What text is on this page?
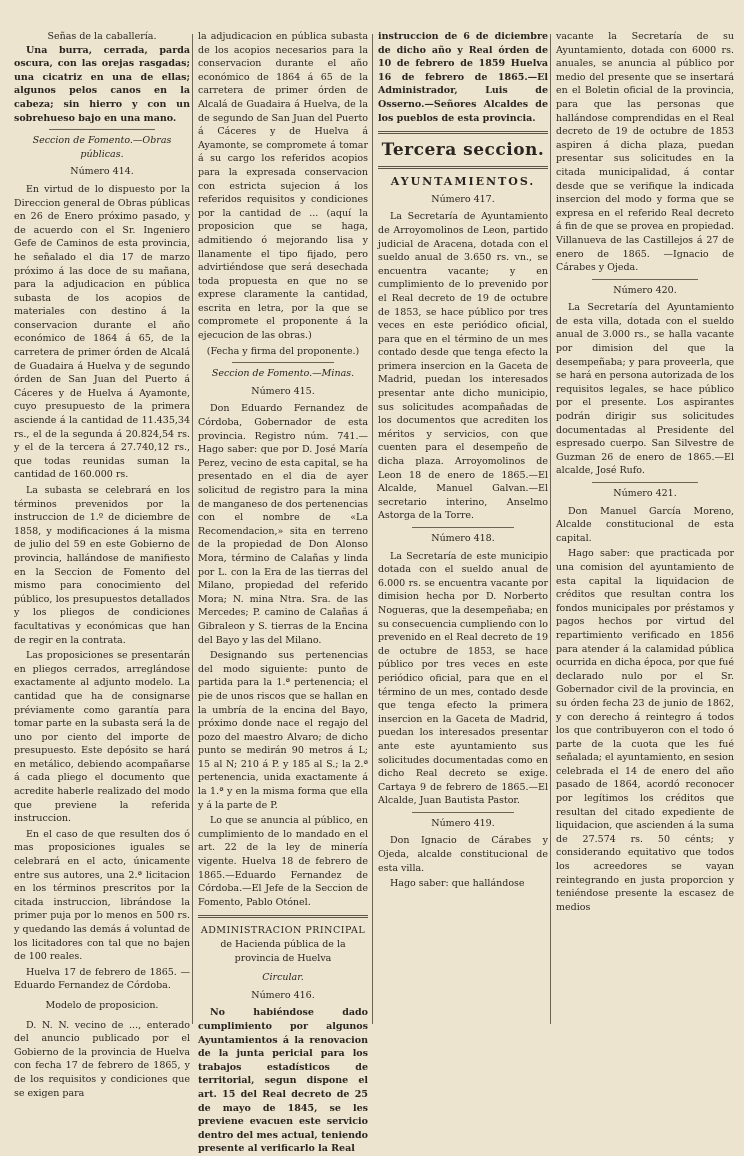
Señas de la caballería.

Una burra, cerrada, parda oscura, con las orejas rasgadas; una cicatriz en una de ellas; algunos pelos canos en la cabeza; sin hierro y con un sobrehueso bajo en una mano.

Seccion de Fomento.—Obras públicas.
Número 414.

En virtud de lo dispuesto por la Direccion general de Obras públicas en 26 de Enero próximo pasado, y de acuerdo con el Sr. Ingeniero Gefe de Caminos de esta provincia, he señalado el dia 17 de marzo próximo á las doce de su mañana, para la adjudicacion en pública subasta de los acopios de materiales con destino á la conservacion durante el año económico de 1864 á 65, de la carretera de primer órden de Alcalá de Guadaira á Huelva y de segundo órden de San Juan del Puerto á Cáceres y de Huelva á Ayamonte, cuyo presupuesto de la primera asciende á la cantidad de 11.435,34 rs., el de la segunda á 20.824,54 rs. y el de la tercera á 27.740,12 rs., que todas reunidas suman la cantidad de 160.000 rs.

La subasta se celebrará en los términos prevenidos por la instruccion de 1.º de diciembre de 1858, y modificaciones á la misma de julio del 59 en este Gobierno de provincia, hallándose de manifiesto en la Seccion de Fomento del mismo para conocimiento del público, los presupuestos detallados y los pliegos de condiciones facultativas y económicas que han de regir en la contrata.

Las proposiciones se presentarán en pliegos cerrados, arreglándose exactamente al adjunto modelo. La cantidad que ha de consignarse préviamente como garantía para tomar parte en la subasta será la de uno por ciento del importe de presupuesto. Este depósito se hará en metálico, debiendo acompañarse á cada pliego el documento que acredite haberle realizado del modo que previene la referida instruccion.

En el caso de que resulten dos ó mas proposiciones iguales se celebrará en el acto, únicamente entre sus autores, una 2.ª licitacion en los términos prescritos por la citada instruccion, librándose la primer puja por lo menos en 500 rs. y quedando las demás á voluntad de los licitadores con tal que no bajen de 100 reales.

Huelva 17 de febrero de 1865. —Eduardo Fernandez de Córdoba.

Modelo de proposicion.

D. N. N. vecino de ..., enterado del anuncio publicado por el Gobierno de la provincia de Huelva con fecha 17 de febrero de 1865, y de los requisitos y condiciones que se exigen para

la adjudicacion en pública subasta de los acopios necesarios para la conservacion durante el año económico de 1864 á 65 de la carretera de primer órden de Alcalá de Guadaira á Huelva, de la de segundo de San Juan del Puerto á Cáceres y de Huelva á Ayamonte, se compromete á tomar á su cargo los referidos acopios para la expresada conservacion con estricta sujecion á los referidos requisitos y condiciones por la cantidad de ... (aquí la proposicion que se haga, admitiendo ó mejorando lisa y llanamente el tipo fijado, pero advirtiéndose que será desechada toda propuesta en que no se exprese claramente la cantidad, escrita en letra, por la que se compromete el proponente á la ejecucion de las obras.)

(Fecha y firma del proponente.)
Seccion de Fomento.—Minas.
Número 415.

Don Eduardo Fernandez de Córdoba, Gobernador de esta provincia. Registro núm. 741.—Hago saber: que por D. José María Perez, vecino de esta capital, se ha presentado en el dia de ayer solicitud de registro para la mina de manganeso de dos pertenencias con el nombre de «La Recomendacion,» sita en terreno de la propiedad de Don Alonso Mora, término de Calañas y linda por L. con la Era de las tierras del Milano, propiedad del referido Mora; N. mina Ntra. Sra. de las Mercedes; P. camino de Calañas á Gibraleon y S. tierras de la Encina del Bayo y las del Milano.

Designando sus pertenencias del modo siguiente: punto de partida para la 1.ª pertenencia; el pie de unos riscos que se hallan en la umbría de la encina del Bayo, próximo donde nace el regajo del pozo del maestro Alvaro; de dicho punto se medirán 90 metros á L; 15 al N; 210 á P. y 185 al S.; la 2.ª pertenencia, unida exactamente á la 1.ª y en la misma forma que ella y á la parte de P.

Lo que se anuncia al público, en cumplimiento de lo mandado en el art. 22 de la ley de minería vigente. Huelva 18 de febrero de 1865.—Eduardo Fernandez de Córdoba.—El Jefe de la Seccion de Fomento, Pablo Otónel.

ADMINISTRACION PRINCIPAL
de Hacienda pública de la provincia de Huelva
Circular.
Número 416.

No habiéndose dado cumplimiento por algunos Ayuntamientos á la renovacion de la junta pericial para los trabajos estadísticos de territorial, segun dispone el art. 15 del Real decreto de 25 de mayo de 1845, se les previene evacuen este servicio dentro del mes actual, teniendo presente al verificarlo la Real

instruccion de 6 de diciembre de dicho año y Real órden de 10 de febrero de 1859 Huelva 16 de febrero de 1865.—El Administrador, Luis de Osserno.—Señores Alcaldes de los pueblos de esta provincia.

Tercera seccion.
AYUNTAMIENTOS.
Número 417.

La Secretaría de Ayuntamiento de Arroyomolinos de Leon, partido judicial de Aracena, dotada con el sueldo anual de 3.650 rs. vn., se encuentra vacante; y en cumplimiento de lo prevenido por el Real decreto de 19 de octubre de 1853, se hace público por tres veces en este periódico oficial, para que en el término de un mes contado desde que tenga efecto la primera insercion en la Gaceta de Madrid, puedan los interesados presentar ante dicho municipio, sus solicitudes acompañadas de los documentos que acrediten los méritos y servicios, con que cuenten para el desempeño de dicha plaza. Arroyomolinos de Leon 18 de enero de 1865.—El Alcalde, Manuel Galvan.—El secretario interino, Anselmo Astorga de la Torre.

Número 418.

La Secretaría de este municipio dotada con el sueldo anual de 6.000 rs. se encuentra vacante por dimision hecha por D. Norberto Nogueras, que la desempeñaba; en su consecuencia cumpliendo con lo prevenido en el Real decreto de 19 de octubre de 1853, se hace público por tres veces en este periódico oficial, para que en el término de un mes, contado desde que tenga efecto la primera insercion en la Gaceta de Madrid, puedan los interesados presentar ante este ayuntamiento sus solicitudes documentadas como en dicho Real decreto se exige. Cartaya 9 de febrero de 1865.—El Alcalde, Juan Bautista Pastor.

Número 419.

Don Ignacio de Cárabes y Ojeda, alcalde constitucional de esta villa.

Hago saber: que hallándose

vacante la Secretaría de su Ayuntamiento, dotada con 6000 rs. anuales, se anuncia al público por medio del presente que se insertará en el Boletin oficial de la provincia, para que las personas que hallándose comprendidas en el Real decreto de 19 de octubre de 1853 aspiren á dicha plaza, puedan presentar sus solicitudes en la citada municipalidad, á contar desde que se verifique la indicada insercion del modo y forma que se expresa en el referido Real decreto á fin de que se provea en propiedad. Villanueva de las Castillejos á 27 de enero de 1865. —Ignacio de Cárabes y Ojeda.

Número 420.

La Secretaría del Ayuntamiento de esta villa, dotada con el sueldo anual de 3.000 rs., se halla vacante por dimision del que la desempeñaba; y para proveerla, que se hará en persona autorizada de los requisitos legales, se hace público por el presente. Los aspirantes podrán dirigir sus solicitudes documentadas al Presidente del espresado cuerpo. San Silvestre de Guzman 26 de enero de 1865.—El alcalde, José Rufo.

Número 421.

Don Manuel García Moreno, Alcalde constitucional de esta capital.

Hago saber: que practicada por una comision del ayuntamiento de esta capital la liquidacion de créditos que resultan contra los fondos municipales por préstamos y pagos hechos por virtud del repartimiento verificado en 1856 para atender á la calamidad pública ocurrida en dicha época, por que fué declarado nulo por el Sr. Gobernador civil de la provincia, en su órden fecha 23 de junio de 1862, y con derecho á reintegro á todos los que contribuyeron con el todo ó parte de la cuota que les fué señalada; el ayuntamiento, en sesion celebrada el 14 de enero del año pasado de 1864, acordó reconocer por legítimos los créditos que resultan del citado expediente de liquidacion, que ascienden á la suma de 27.574 rs. 50 cénts; y considerando equitativo que todos los acreedores se vayan reintegrando en justa proporcion y teniéndose presente la escasez de medios
